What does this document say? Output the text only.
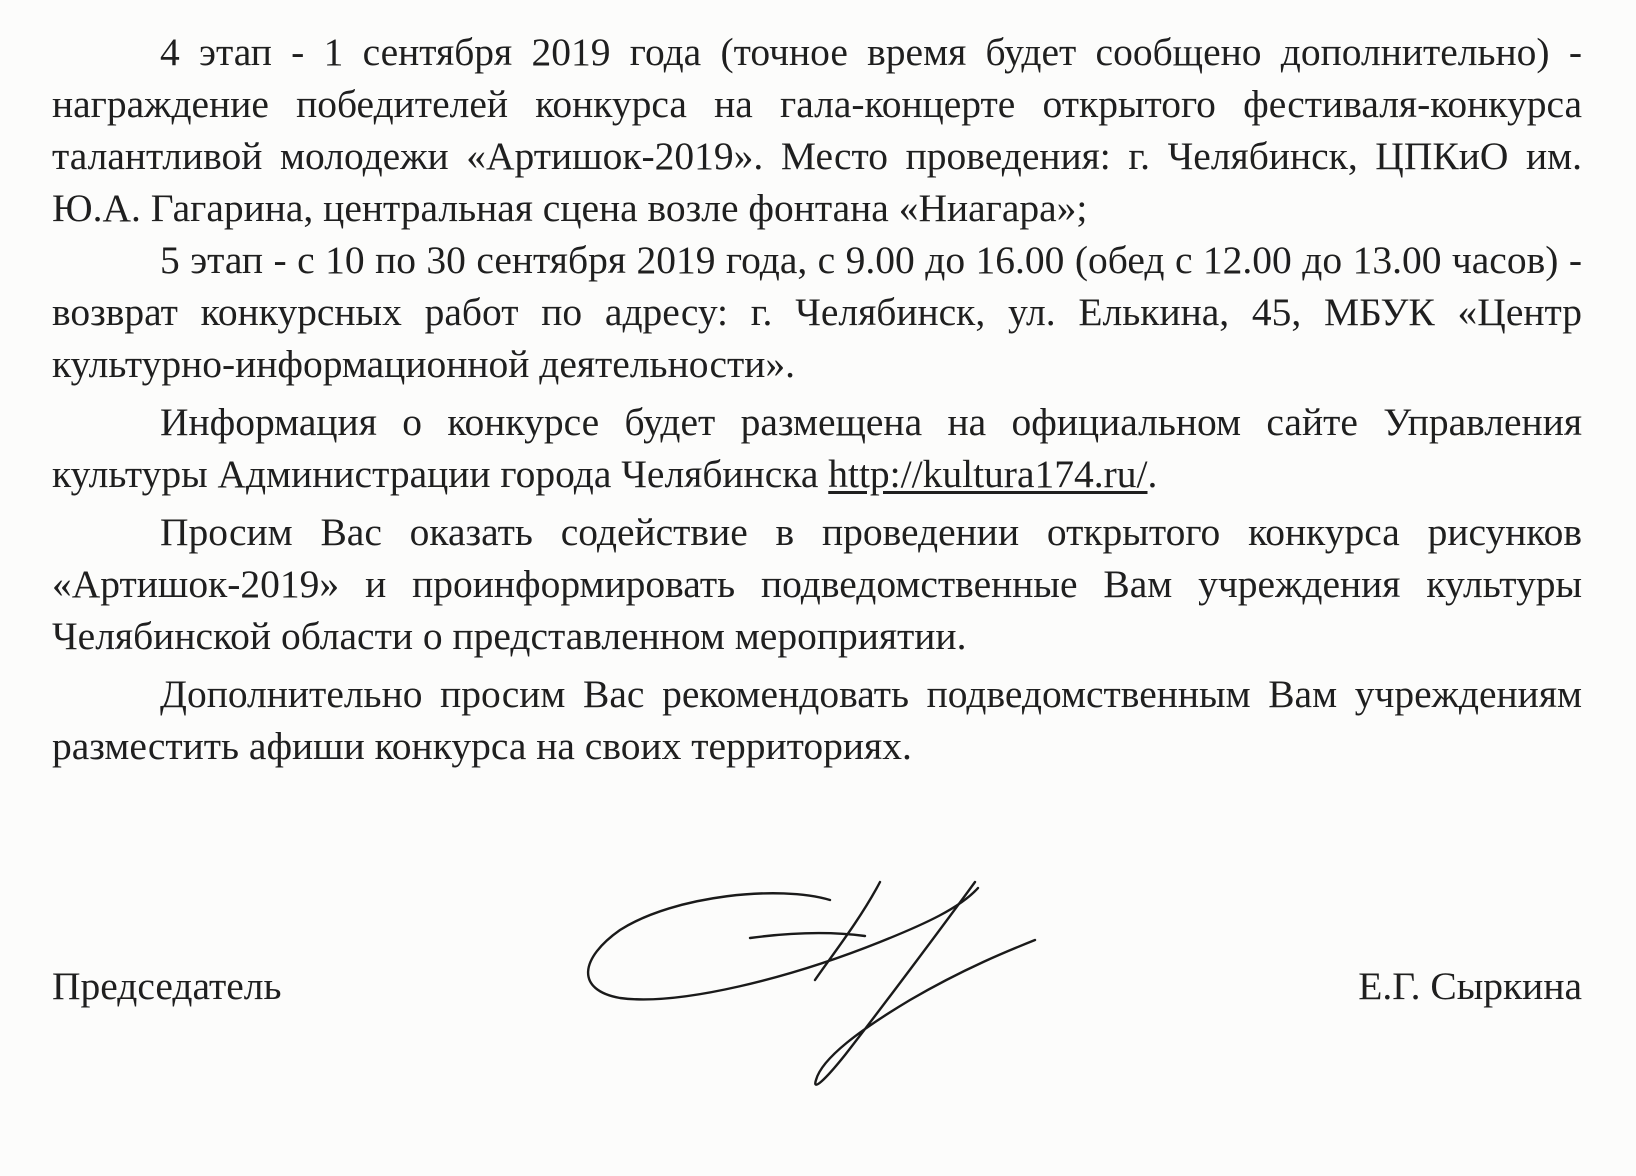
4 этап - 1 сентября 2019 года (точное время будет сообщено дополнительно) - награждение победителей конкурса на гала-концерте открытого фестиваля-конкурса талантливой молодежи «Артишок-2019». Место проведения: г. Челябинск, ЦПКиО им. Ю.А. Гагарина, центральная сцена возле фонтана «Ниагара»;

5 этап - с 10 по 30 сентября 2019 года, с 9.00 до 16.00 (обед с 12.00 до 13.00 часов) - возврат конкурсных работ по адресу: г. Челябинск, ул. Елькина, 45, МБУК «Центр культурно-информационной деятельности».

Информация о конкурсе будет размещена на официальном сайте Управления культуры Администрации города Челябинска http://kultura174.ru/.

Просим Вас оказать содействие в проведении открытого конкурса рисунков «Артишок-2019» и проинформировать подведомственные Вам учреждения культуры Челябинской области о представленном мероприятии.

Дополнительно просим Вас рекомендовать подведомственным Вам учреждениям разместить афиши конкурса на своих территориях.

Председатель	Е.Г. Сыркина
